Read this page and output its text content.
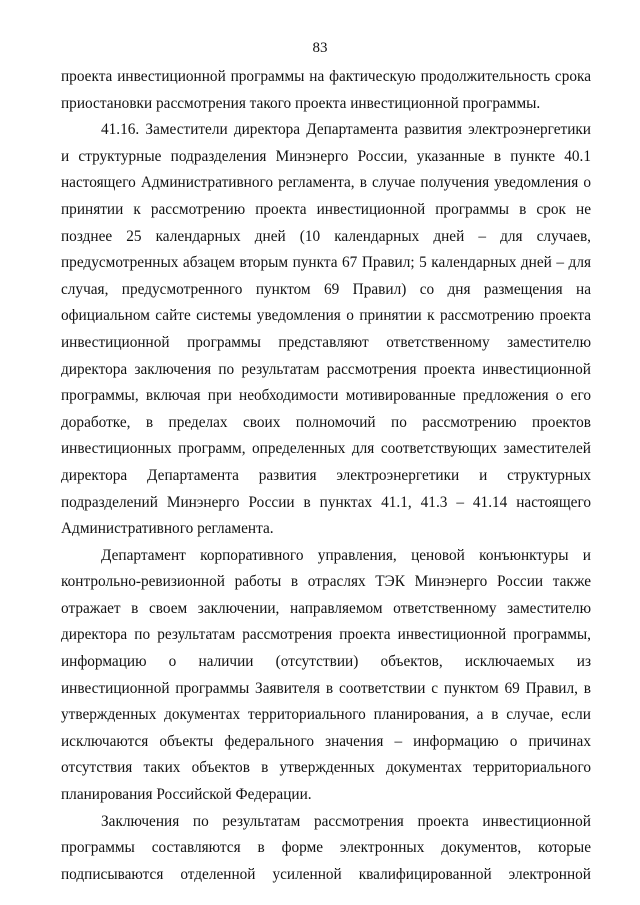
83

проекта инвестиционной программы на фактическую продолжительность срока приостановки рассмотрения такого проекта инвестиционной программы.

41.16. Заместители директора Департамента развития электроэнергетики и структурные подразделения Минэнерго России, указанные в пункте 40.1 настоящего Административного регламента, в случае получения уведомления о принятии к рассмотрению проекта инвестиционной программы в срок не позднее 25 календарных дней (10 календарных дней – для случаев, предусмотренных абзацем вторым пункта 67 Правил; 5 календарных дней – для случая, предусмотренного пунктом 69 Правил) со дня размещения на официальном сайте системы уведомления о принятии к рассмотрению проекта инвестиционной программы представляют ответственному заместителю директора заключения по результатам рассмотрения проекта инвестиционной программы, включая при необходимости мотивированные предложения о его доработке, в пределах своих полномочий по рассмотрению проектов инвестиционных программ, определенных для соответствующих заместителей директора Департамента развития электроэнергетики и структурных подразделений Минэнерго России в пунктах 41.1, 41.3 – 41.14 настоящего Административного регламента.

Департамент корпоративного управления, ценовой конъюнктуры и контрольно-ревизионной работы в отраслях ТЭК Минэнерго России также отражает в своем заключении, направляемом ответственному заместителю директора по результатам рассмотрения проекта инвестиционной программы, информацию о наличии (отсутствии) объектов, исключаемых из инвестиционной программы Заявителя в соответствии с пунктом 69 Правил, в утвержденных документах территориального планирования, а в случае, если исключаются объекты федерального значения – информацию о причинах отсутствия таких объектов в утвержденных документах территориального планирования Российской Федерации.

Заключения по результатам рассмотрения проекта инвестиционной программы составляются в форме электронных документов, которые подписываются отделенной усиленной квалифицированной электронной
